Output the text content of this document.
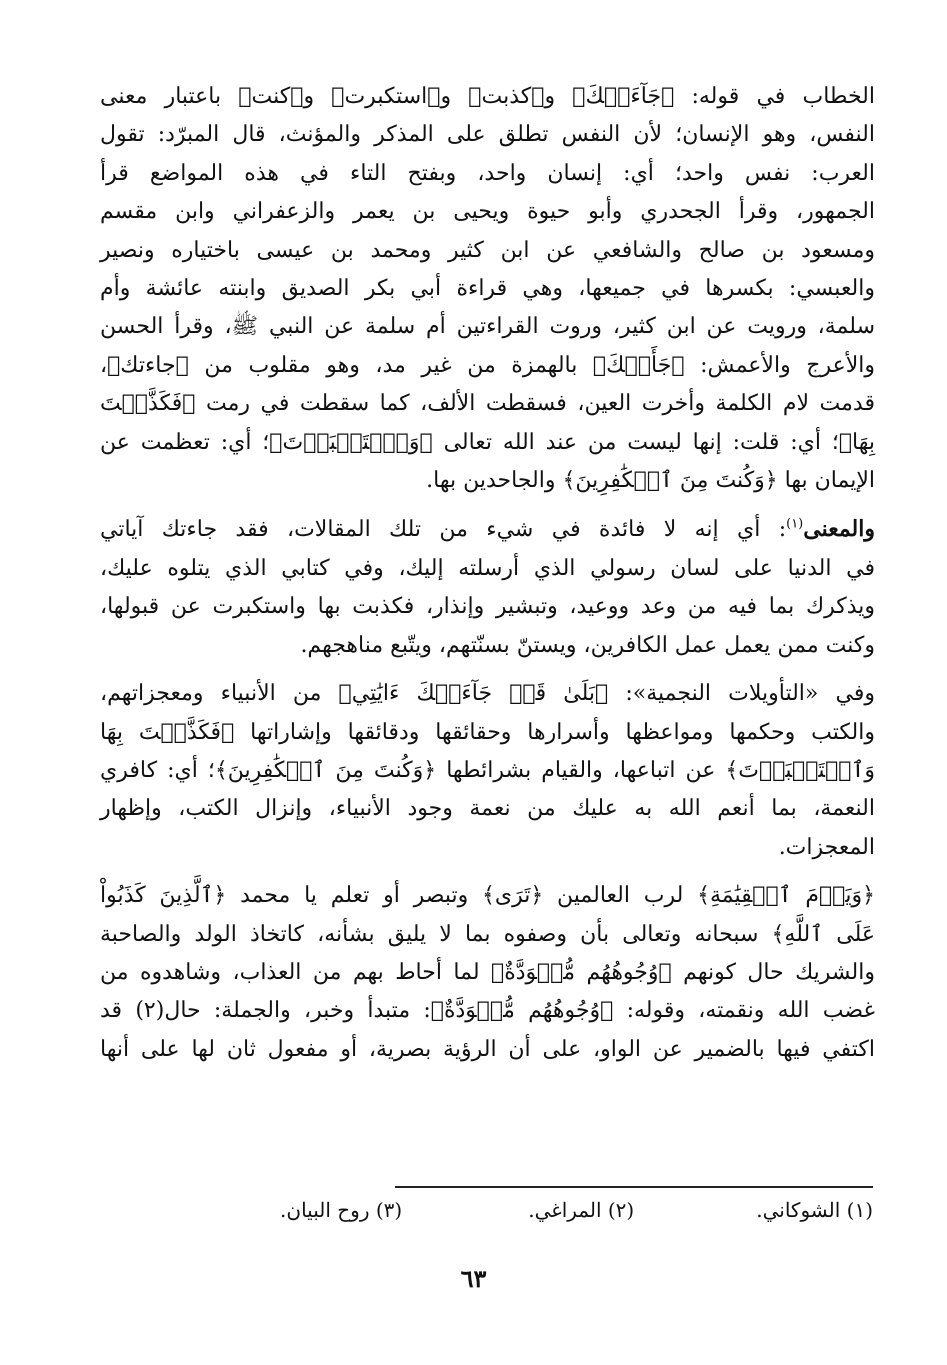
الخطاب في قوله: ﴿جَآءَتۡكَ﴾ و﴿كذبت﴾ و﴿استكبرت﴾ و﴿كنت﴾ باعتبار معنى
النفس، وهو الإنسان؛ لأن النفس تطلق على المذكر والمؤنث، قال المبرّد: تقول
العرب: نفس واحد؛ أي: إنسان واحد، وبفتح التاء في هذه المواضع قرأ
الجمهور، وقرأ الجحدري وأبو حيوة ويحيى بن يعمر والزعفراني وابن مقسم
ومسعود بن صالح والشافعي عن ابن كثير ومحمد بن عيسى باختياره ونصير
والعبسي: بكسرها في جميعها، وهي قراءة أبي بكر الصديق وابنته عائشة وأم
سلمة، ورويت عن ابن كثير، وروت القراءتين أم سلمة عن النبي ﷺ، وقرأ الحسن
والأعرج والأعمش: ﴿جَأَتۡكَ﴾ بالهمزة من غير مد، وهو مقلوب من ﴿جاءتك﴾،
قدمت لام الكلمة وأخرت العين، فسقطت الألف، كما سقطت في رمت ﴿فَكَذَّبۡتَ
بِهَا﴾؛ أي: قلت: إنها ليست من عند الله تعالى ﴿وَٱسۡتَكۡبَرۡتَ﴾؛ أي: تعظمت عن
الإيمان بها ﴿وَكُنتَ مِنَ ٱلۡكَٰفِرِينَ﴾ والجاحدين بها.
والمعنى$^{(١)}$: أي إنه لا فائدة في شيء من تلك المقالات، فقد جاءتك آياتي
في الدنيا على لسان رسولي الذي أرسلته إليك، وفي كتابي الذي يتلوه عليك،
ويذكرك بما فيه من وعد ووعيد، وتبشير وإنذار، فكذبت بها واستكبرت عن قبولها،
وكنت ممن يعمل عمل الكافرين، ويستنّ بسنّتهم، ويتّبع مناهجهم.
وفي «التأويلات النجمية»: ﴿بَلَىٰ قَدۡ جَآءَتۡكَ ءَايَٰتِي﴾ من الأنبياء ومعجزاتهم،
والكتب وحكمها ومواعظها وأسرارها وحقائقها ودقائقها وإشاراتها ﴿فَكَذَّبۡتَ بِهَا
وَٱسۡتَكۡبَرۡتَ﴾ عن اتباعها، والقيام بشرائطها ﴿وَكُنتَ مِنَ ٱلۡكَٰفِرِينَ﴾؛ أي: كافري
النعمة، بما أنعم الله به عليك من نعمة وجود الأنبياء، وإنزال الكتب، وإظهار
المعجزات.
﴿وَيَوۡمَ ٱلۡقِيَٰمَةِ﴾ لرب العالمين ﴿تَرَى﴾ وتبصر أو تعلم يا محمد ﴿ٱلَّذِينَ كَذَبُواْ
عَلَى ٱللَّهِ﴾ سبحانه وتعالى بأن وصفوه بما لا يليق بشأنه، كاتخاذ الولد والصاحبة
والشريك حال كونهم ﴿وُجُوهُهُم مُّسۡوَدَّةٌ﴾ لما أحاط بهم من العذاب، وشاهدوه من
غضب الله ونقمته، وقوله: ﴿وُجُوهُهُم مُّسۡوَدَّةٌ﴾: متبدأ وخبر، والجملة: حال(٢) قد
اكتفي فيها بالضمير عن الواو، على أن الرؤية بصرية، أو مفعول ثان لها على أنها
(١) الشوكاني.
(٢) المراغي.
(٣) روح البيان.
٦٣
